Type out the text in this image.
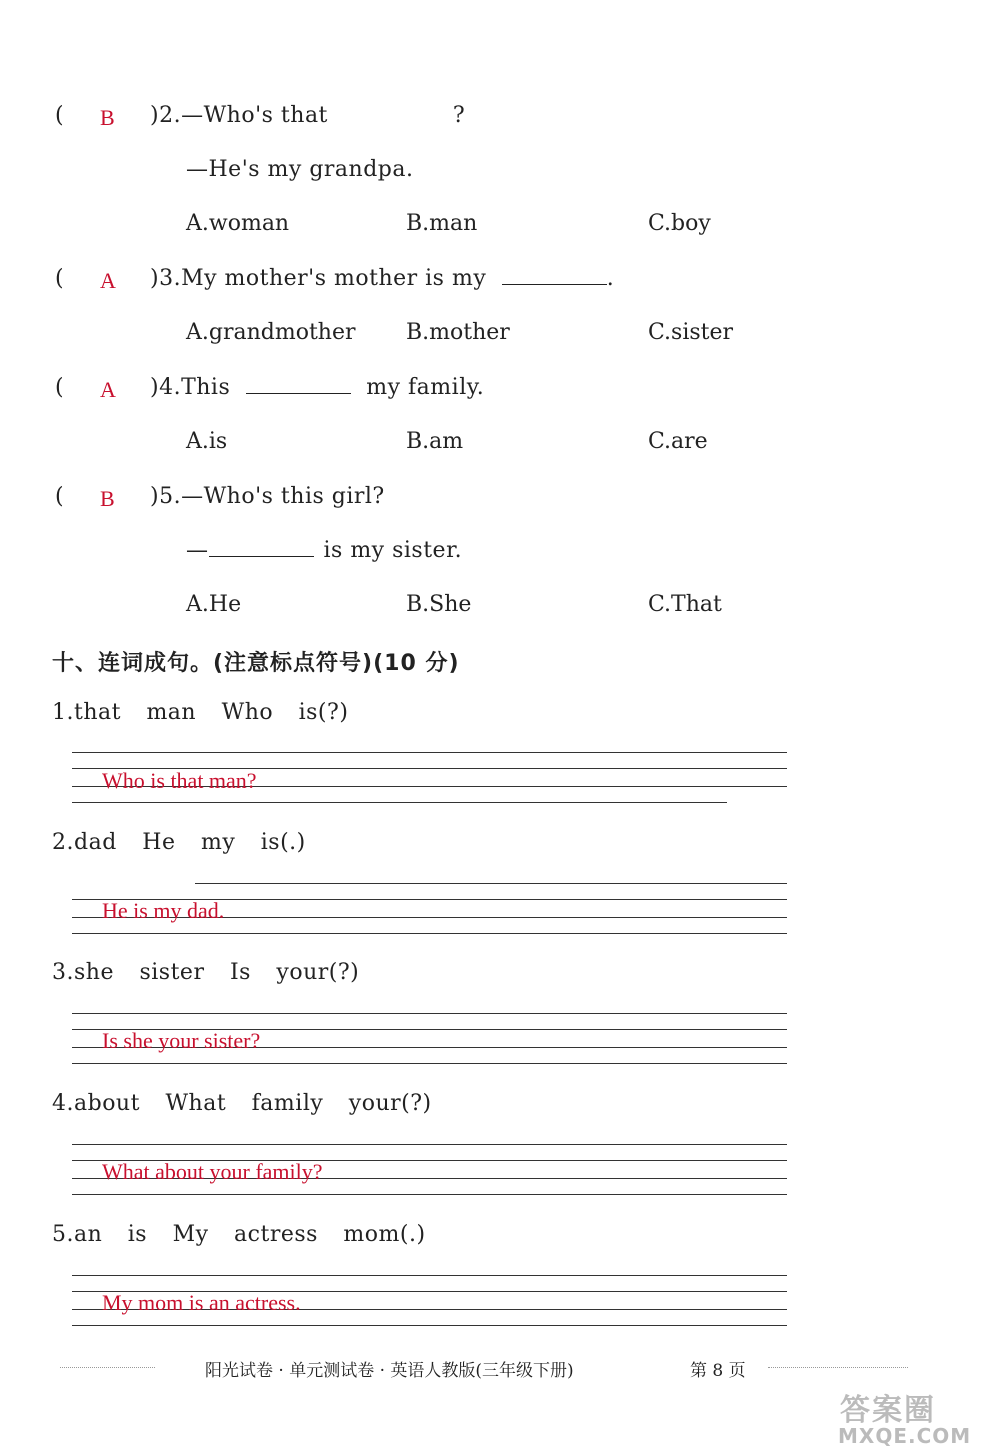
( B )2.—Who's that	?
—He's my grandpa.
A.woman	B.man	C.boy
( A )3.My mother's mother is my	.
A.grandmother B.mother	C.sister
( A )4.This	my family.
A.is	B.am	C.are
( B )5.—Who's this girl?
—	is my sister.
A.He	B.She	C.That
十、连词成句。(注意标点符号)(10 分)
1.that man Who is(?)
Who is that man?
2.dad He my is(.)
He is my dad.
3.she sister Is your(?)
Is she your sister?
4.about What family your(?)
What about your family?
5.an is My actress mom(.)
My mom is an actress.
阳光试卷 · 单元测试卷 · 英语人教版(三年级下册)	第 8 页
答案圈
MXQE.COM
